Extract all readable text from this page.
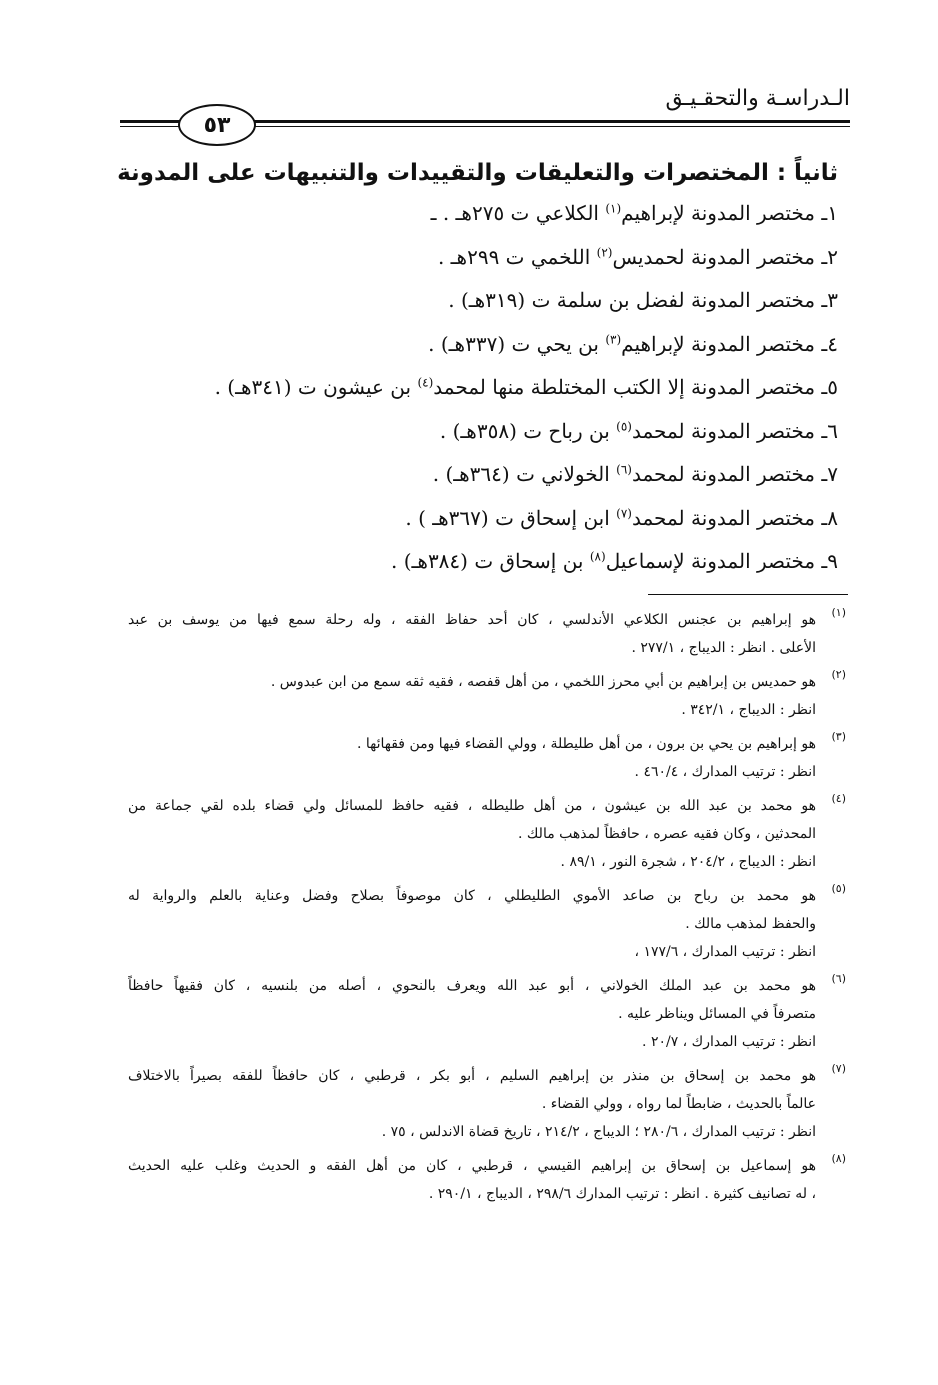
الـدراسـة والتحقـيـق
٥٣
ثانياً : المختصرات والتعليقات والتقييدات والتنبيهات على المدونة
١ـ مختصر المدونة لإبراهيم$^{(١)}$ الكلاعي ت ٢٧٥هـ . ـ
٢ـ مختصر المدونة لحمديس$^{(٢)}$ اللخمي ت ٢٩٩هـ .
٣ـ مختصر المدونة لفضل بن سلمة ت (٣١٩هـ) .
٤ـ مختصر المدونة لإبراهيم$^{(٣)}$ بن يحي ت (٣٣٧هـ) .
٥ـ مختصر المدونة إلا الكتب المختلطة منها لمحمد$^{(٤)}$ بن عيشون ت (٣٤١هـ) .
٦ـ مختصر المدونة لمحمد$^{(٥)}$ بن رباح ت (٣٥٨هـ) .
٧ـ مختصر المدونة لمحمد$^{(٦)}$ الخولاني ت (٣٦٤هـ) .
٨ـ مختصر المدونة لمحمد$^{(٧)}$ ابن إسحاق ت (٣٦٧هـ ) .
٩ـ مختصر المدونة لإسماعيل$^{(٨)}$ بن إسحاق ت (٣٨٤هـ) .
(١)
هو إبراهيم بن عجنس الكلاعي الأندلسي ، كان أحد حفاظ الفقه ، وله رحلة سمع فيها من يوسف بن عبد
الأعلى . انظر : الديباج ، ٢٧٧/١ .
(٢)
هو حمديس بن إبراهيم بن أبي محرز اللخمي ، من أهل قفصه ، فقيه ثقه سمع من ابن عبدوس .
انظر : الديباج ، ٣٤٢/١ .
(٣)
هو إبراهيم بن يحي بن برون ، من أهل طليطلة ، وولي القضاء فيها ومن فقهائها .
انظر : ترتيب المدارك ، ٤٦٠/٤ .
(٤)
هو محمد بن عبد الله بن عيشون ، من أهل طليطله ، فقيه حافظ للمسائل ولي قضاء بلده لقي جماعة من
المحدثين ، وكان فقيه عصره ، حافظاً لمذهب مالك .
انظر : الديباج ، ٢٠٤/٢ ، شجرة النور ، ٨٩/١ .
(٥)
هو محمد بن رباح بن صاعد الأموي الطليطلي ، كان موصوفاً بصلاح وفضل وعناية بالعلم والرواية له
والحفظ لمذهب مالك .
انظر : ترتيب المدارك ، ١٧٧/٦ ،
(٦)
هو محمد بن عبد الملك الخولاني ، أبو عبد الله ويعرف بالنحوي ، أصله من بلنسيه ، كان فقيهاً حافظاً
متصرفاً في المسائل ويناظر عليه .
انظر : ترتيب المدارك ، ٢٠/٧ .
(٧)
هو محمد بن إسحاق بن منذر بن إبراهيم السليم ، أبو بكر ، قرطبي ، كان حافظاً للفقه بصيراً بالاختلاف
عالماً بالحديث ، ضابطاً لما رواه ، وولي القضاء .
انظر : ترتيب المدارك ، ٢٨٠/٦ ؛ الديباج ، ٢١٤/٢ ، تاريخ قضاة الاندلس ، ٧٥ .
(٨)
هو إسماعيل بن إسحاق بن إبراهيم القيسي ، قرطبي ، كان من أهل الفقه و الحديث وغلب عليه الحديث
، له تصانيف كثيرة . انظر : ترتيب المدارك ٢٩٨/٦ ، الديباج ، ٢٩٠/١ .
